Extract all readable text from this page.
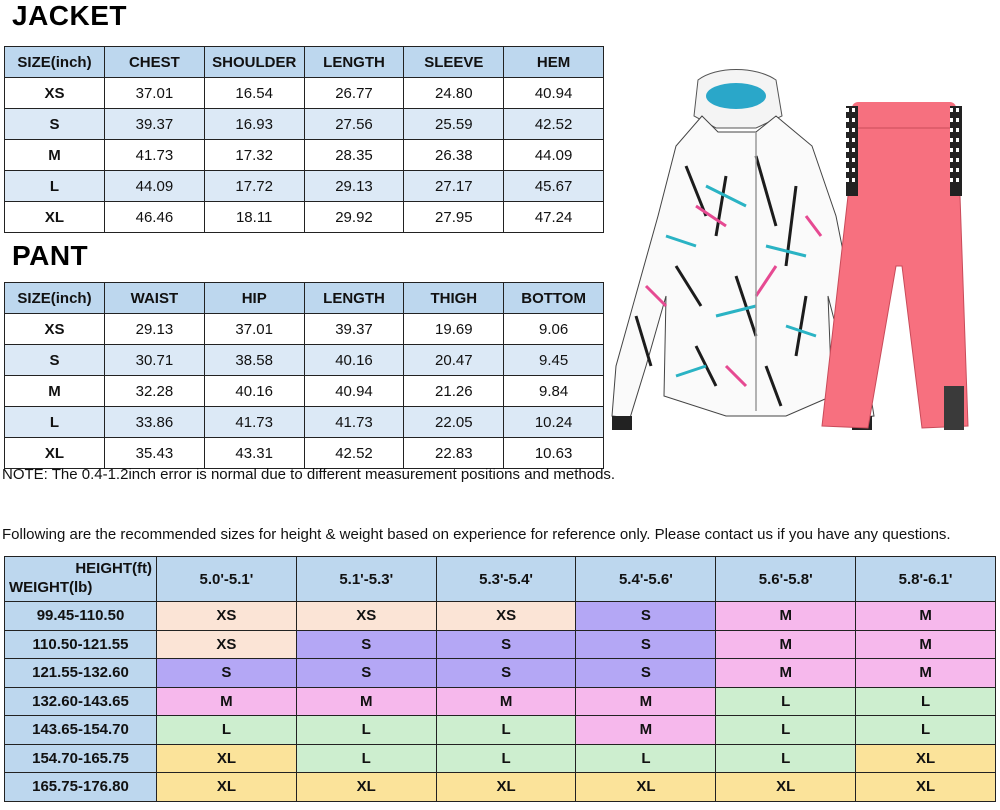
JACKET
SIZE(inch)	CHEST	SHOULDER	LENGTH	SLEEVE	HEM
XS	37.01	16.54	26.77	24.80	40.94
S	39.37	16.93	27.56	25.59	42.52
M	41.73	17.32	28.35	26.38	44.09
L	44.09	17.72	29.13	27.17	45.67
XL	46.46	18.11	29.92	27.95	47.24
PANT
SIZE(inch)	WAIST	HIP	LENGTH	THIGH	BOTTOM
XS	29.13	37.01	39.37	19.69	9.06
S	30.71	38.58	40.16	20.47	9.45
M	32.28	40.16	40.94	21.26	9.84
L	33.86	41.73	41.73	22.05	10.24
XL	35.43	43.31	42.52	22.83	10.63
NOTE: The 0.4-1.2inch error is normal due to different measurement positions and methods.
Following are the recommended sizes for height & weight based on experience for reference only. Please contact us if you have any questions.
HEIGHT(ft)
WEIGHT(lb)	5.0'-5.1'	5.1'-5.3'	5.3'-5.4'	5.4'-5.6'	5.6'-5.8'	5.8'-6.1'
99.45-110.50	XS	XS	XS	S	M	M
110.50-121.55	XS	S	S	S	M	M
121.55-132.60	S	S	S	S	M	M
132.60-143.65	M	M	M	M	L	L
143.65-154.70	L	L	L	M	L	L
154.70-165.75	XL	L	L	L	L	XL
165.75-176.80	XL	XL	XL	XL	XL	XL
